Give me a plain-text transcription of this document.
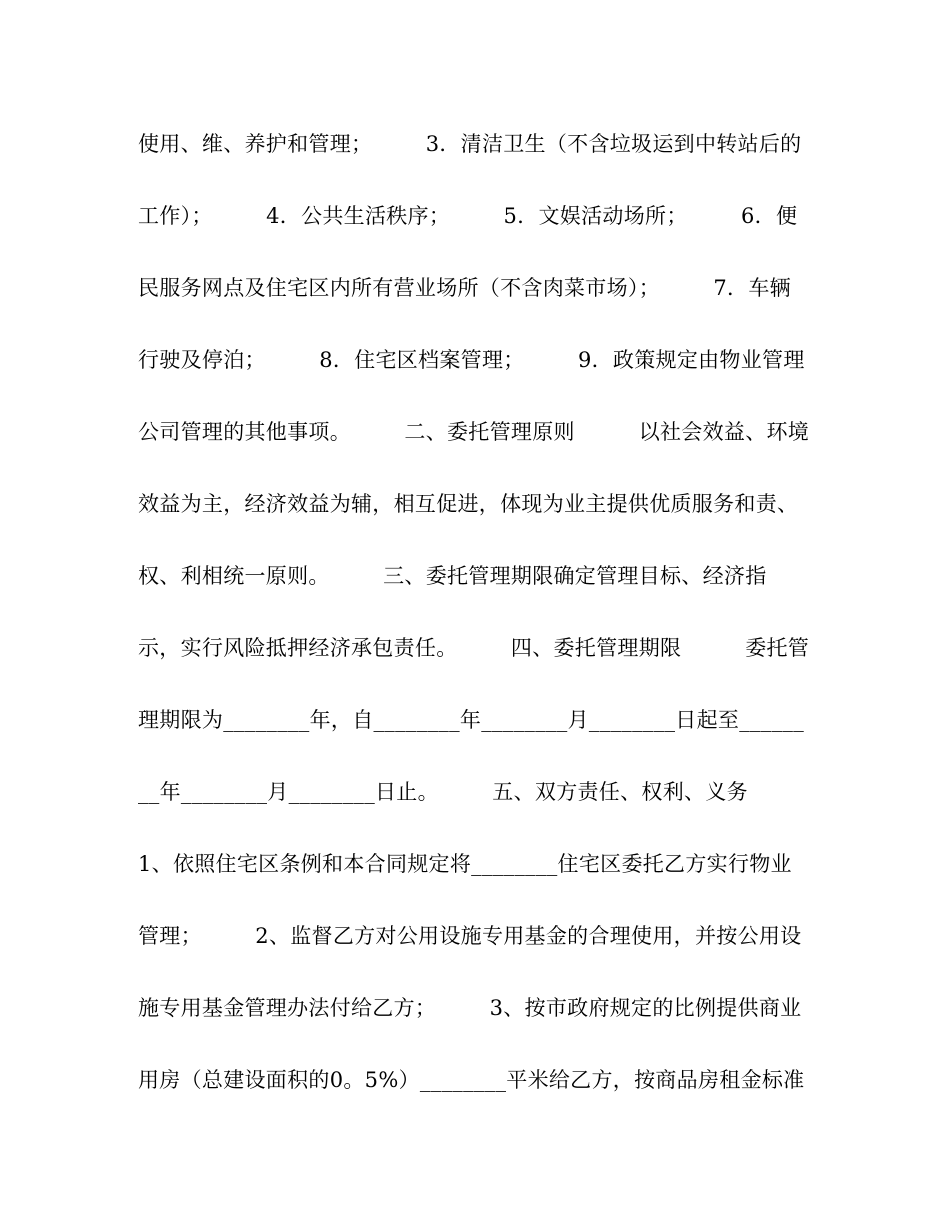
使用、维、养护和管理；　　　3．清洁卫生（不含垃圾运到中转站后的
工作）；　　　4．公共生活秩序；　　　5．文娱活动场所；　　　6．便
民服务网点及住宅区内所有营业场所（不含肉菜市场）；　　　7．车辆
行驶及停泊；　　　8．住宅区档案管理；　　　9．政策规定由物业管理
公司管理的其他事项。　　　二、委托管理原则　　　以社会效益、环境
效益为主，经济效益为辅，相互促进，体现为业主提供优质服务和责、
权、利相统一原则。　　　三、委托管理期限确定管理目标、经济指
示，实行风险抵押经济承包责任。　　　四、委托管理期限　　　委托管
理期限为________年，自________年________月________日起至______
__年________月________日止。　　　五、双方责任、权利、义务
1、依照住宅区条例和本合同规定将________住宅区委托乙方实行物业
管理；　　　2、监督乙方对公用设施专用基金的合理使用，并按公用设
施专用基金管理办法付给乙方；　　　3、按市政府规定的比例提供商业
用房（总建设面积的0。5%）________平米给乙方，按商品房租金标准
